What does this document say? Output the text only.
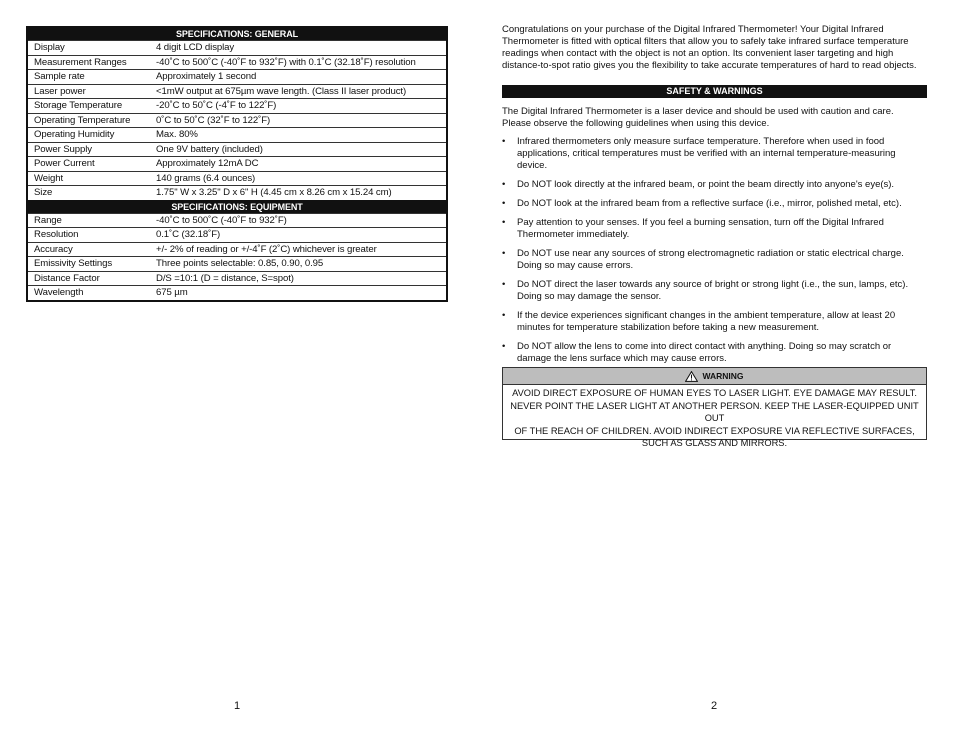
SPECIFICATIONS: GENERAL	
Display	4 digit LCD display
Measurement Ranges	-40˚C to 500˚C (-40˚F to 932˚F) with 0.1˚C (32.18˚F) resolution
Sample rate	Approximately 1 second
Laser power	<1mW output at 675µm wave length. (Class II laser product)
Storage Temperature	-20˚C to 50˚C (-4˚F to 122˚F)
Operating Temperature	0˚C to 50˚C (32˚F to 122˚F)
Operating Humidity	Max. 80%
Power Supply	One 9V battery (included)
Power Current	Approximately 12mA DC
Weight	140 grams (6.4 ounces)
Size	1.75" W x 3.25" D x 6" H (4.45 cm x 8.26 cm x 15.24 cm)
SPECIFICATIONS: EQUIPMENT	
Range	-40˚C to 500˚C (-40˚F to 932˚F)
Resolution	0.1˚C (32.18˚F)
Accuracy	+/- 2% of reading or +/-4˚F (2˚C) whichever is greater
Emissivity Settings	Three points selectable: 0.85, 0.90, 0.95
Distance Factor	D/S =10:1 (D = distance, S=spot)
Wavelength	675 µm
1	2
Congratulations on your purchase of the Digital Infrared Thermometer! Your Digital Infrared Thermometer is fitted with optical filters that allow you to safely take infrared surface temperature readings when contact with the object is not an option. Its convenient laser targeting and high distance-to-spot ratio gives you the flexibility to take accurate temperatures of hard to read objects.
SAFETY & WARNINGS
The Digital Infrared Thermometer is a laser device and should be used with caution and care.
Please observe the following guidelines when using this device.
• Infrared thermometers only measure surface temperature. Therefore when used in food applications, critical temperatures must be verified with an internal temperature-measuring device.
• Do NOT look directly at the infrared beam, or point the beam directly into anyone's eye(s).
• Do NOT look at the infrared beam from a reflective surface (i.e., mirror, polished metal, etc).
• Pay attention to your senses. If you feel a burning sensation, turn off the Digital Infrared Thermometer immediately.
• Do NOT use near any sources of strong electromagnetic radiation or static electrical charge. Doing so may cause errors.
• Do NOT direct the laser towards any source of bright or strong light (i.e., the sun, lamps, etc). Doing so may damage the sensor.
• If the device experiences significant changes in the ambient temperature, allow at least 20 minutes for temperature stabilization before taking a new measurement.
• Do NOT allow the lens to come into direct contact with anything. Doing so may scratch or damage the lens surface which may cause errors.
WARNING
AVOID DIRECT EXPOSURE OF HUMAN EYES TO LASER LIGHT. EYE DAMAGE MAY RESULT.
NEVER POINT THE LASER LIGHT AT ANOTHER PERSON. KEEP THE LASER-EQUIPPED UNIT OUT
OF THE REACH OF CHILDREN. AVOID INDIRECT EXPOSURE VIA REFLECTIVE SURFACES,
SUCH AS GLASS AND MIRRORS.
